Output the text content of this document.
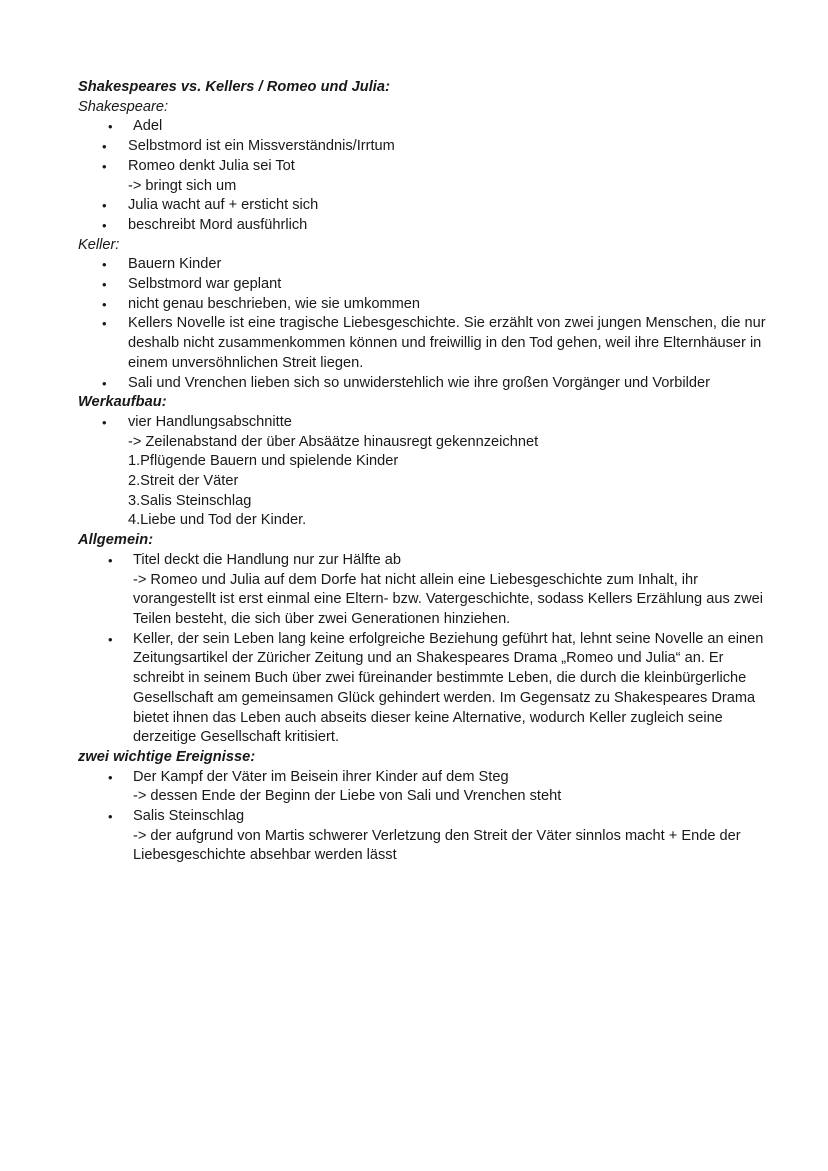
Shakespeares vs. Kellers / Romeo und Julia:
Shakespeare:
•	Adel
•	Selbstmord ist ein Missverständnis/Irrtum
•	Romeo denkt Julia sei Tot
-> bringt sich um
•	Julia wacht auf + ersticht sich
•	beschreibt Mord ausführlich
Keller:
•	Bauern Kinder
•	Selbstmord war geplant
•	nicht genau beschrieben, wie sie umkommen
•	Kellers Novelle ist eine tragische Liebesgeschichte. Sie erzählt von zwei jungen Menschen, die nur deshalb nicht zusammenkommen können und freiwillig in den Tod gehen, weil ihre Elternhäuser in einem unversöhnlichen Streit liegen.
•	Sali und Vrenchen lieben sich so unwiderstehlich wie ihre großen Vorgänger und Vorbilder
Werkaufbau:
•	vier Handlungsabschnitte
-> Zeilenabstand der über Absäätze hinausregt gekennzeichnet
1.Pflügende Bauern und spielende Kinder
2.Streit der Väter
3.Salis Steinschlag
4.Liebe und Tod der Kinder.
Allgemein:
•	Titel deckt die Handlung nur zur Hälfte ab
-> Romeo und Julia auf dem Dorfe hat nicht allein eine Liebesgeschichte zum Inhalt, ihr vorangestellt ist erst einmal eine Eltern- bzw. Vatergeschichte, sodass Kellers Erzählung aus zwei Teilen besteht, die sich über zwei Generationen hinziehen.
•	Keller, der sein Leben lang keine erfolgreiche Beziehung geführt hat, lehnt seine Novelle an einen Zeitungsartikel der Züricher Zeitung und an Shakespeares Drama „Romeo und Julia“ an. Er schreibt in seinem Buch über zwei füreinander bestimmte Leben, die durch die kleinbürgerliche Gesellschaft am gemeinsamen Glück gehindert werden. Im Gegensatz zu Shakespeares Drama bietet ihnen das Leben auch abseits dieser keine Alternative, wodurch Keller zugleich seine derzeitige Gesellschaft kritisiert.
zwei wichtige Ereignisse:
•	Der Kampf der Väter im Beisein ihrer Kinder auf dem Steg
-> dessen Ende der Beginn der Liebe von Sali und Vrenchen steht
•	Salis Steinschlag
-> der aufgrund von Martis schwerer Verletzung den Streit der Väter sinnlos macht + Ende der Liebesgeschichte absehbar werden lässt
